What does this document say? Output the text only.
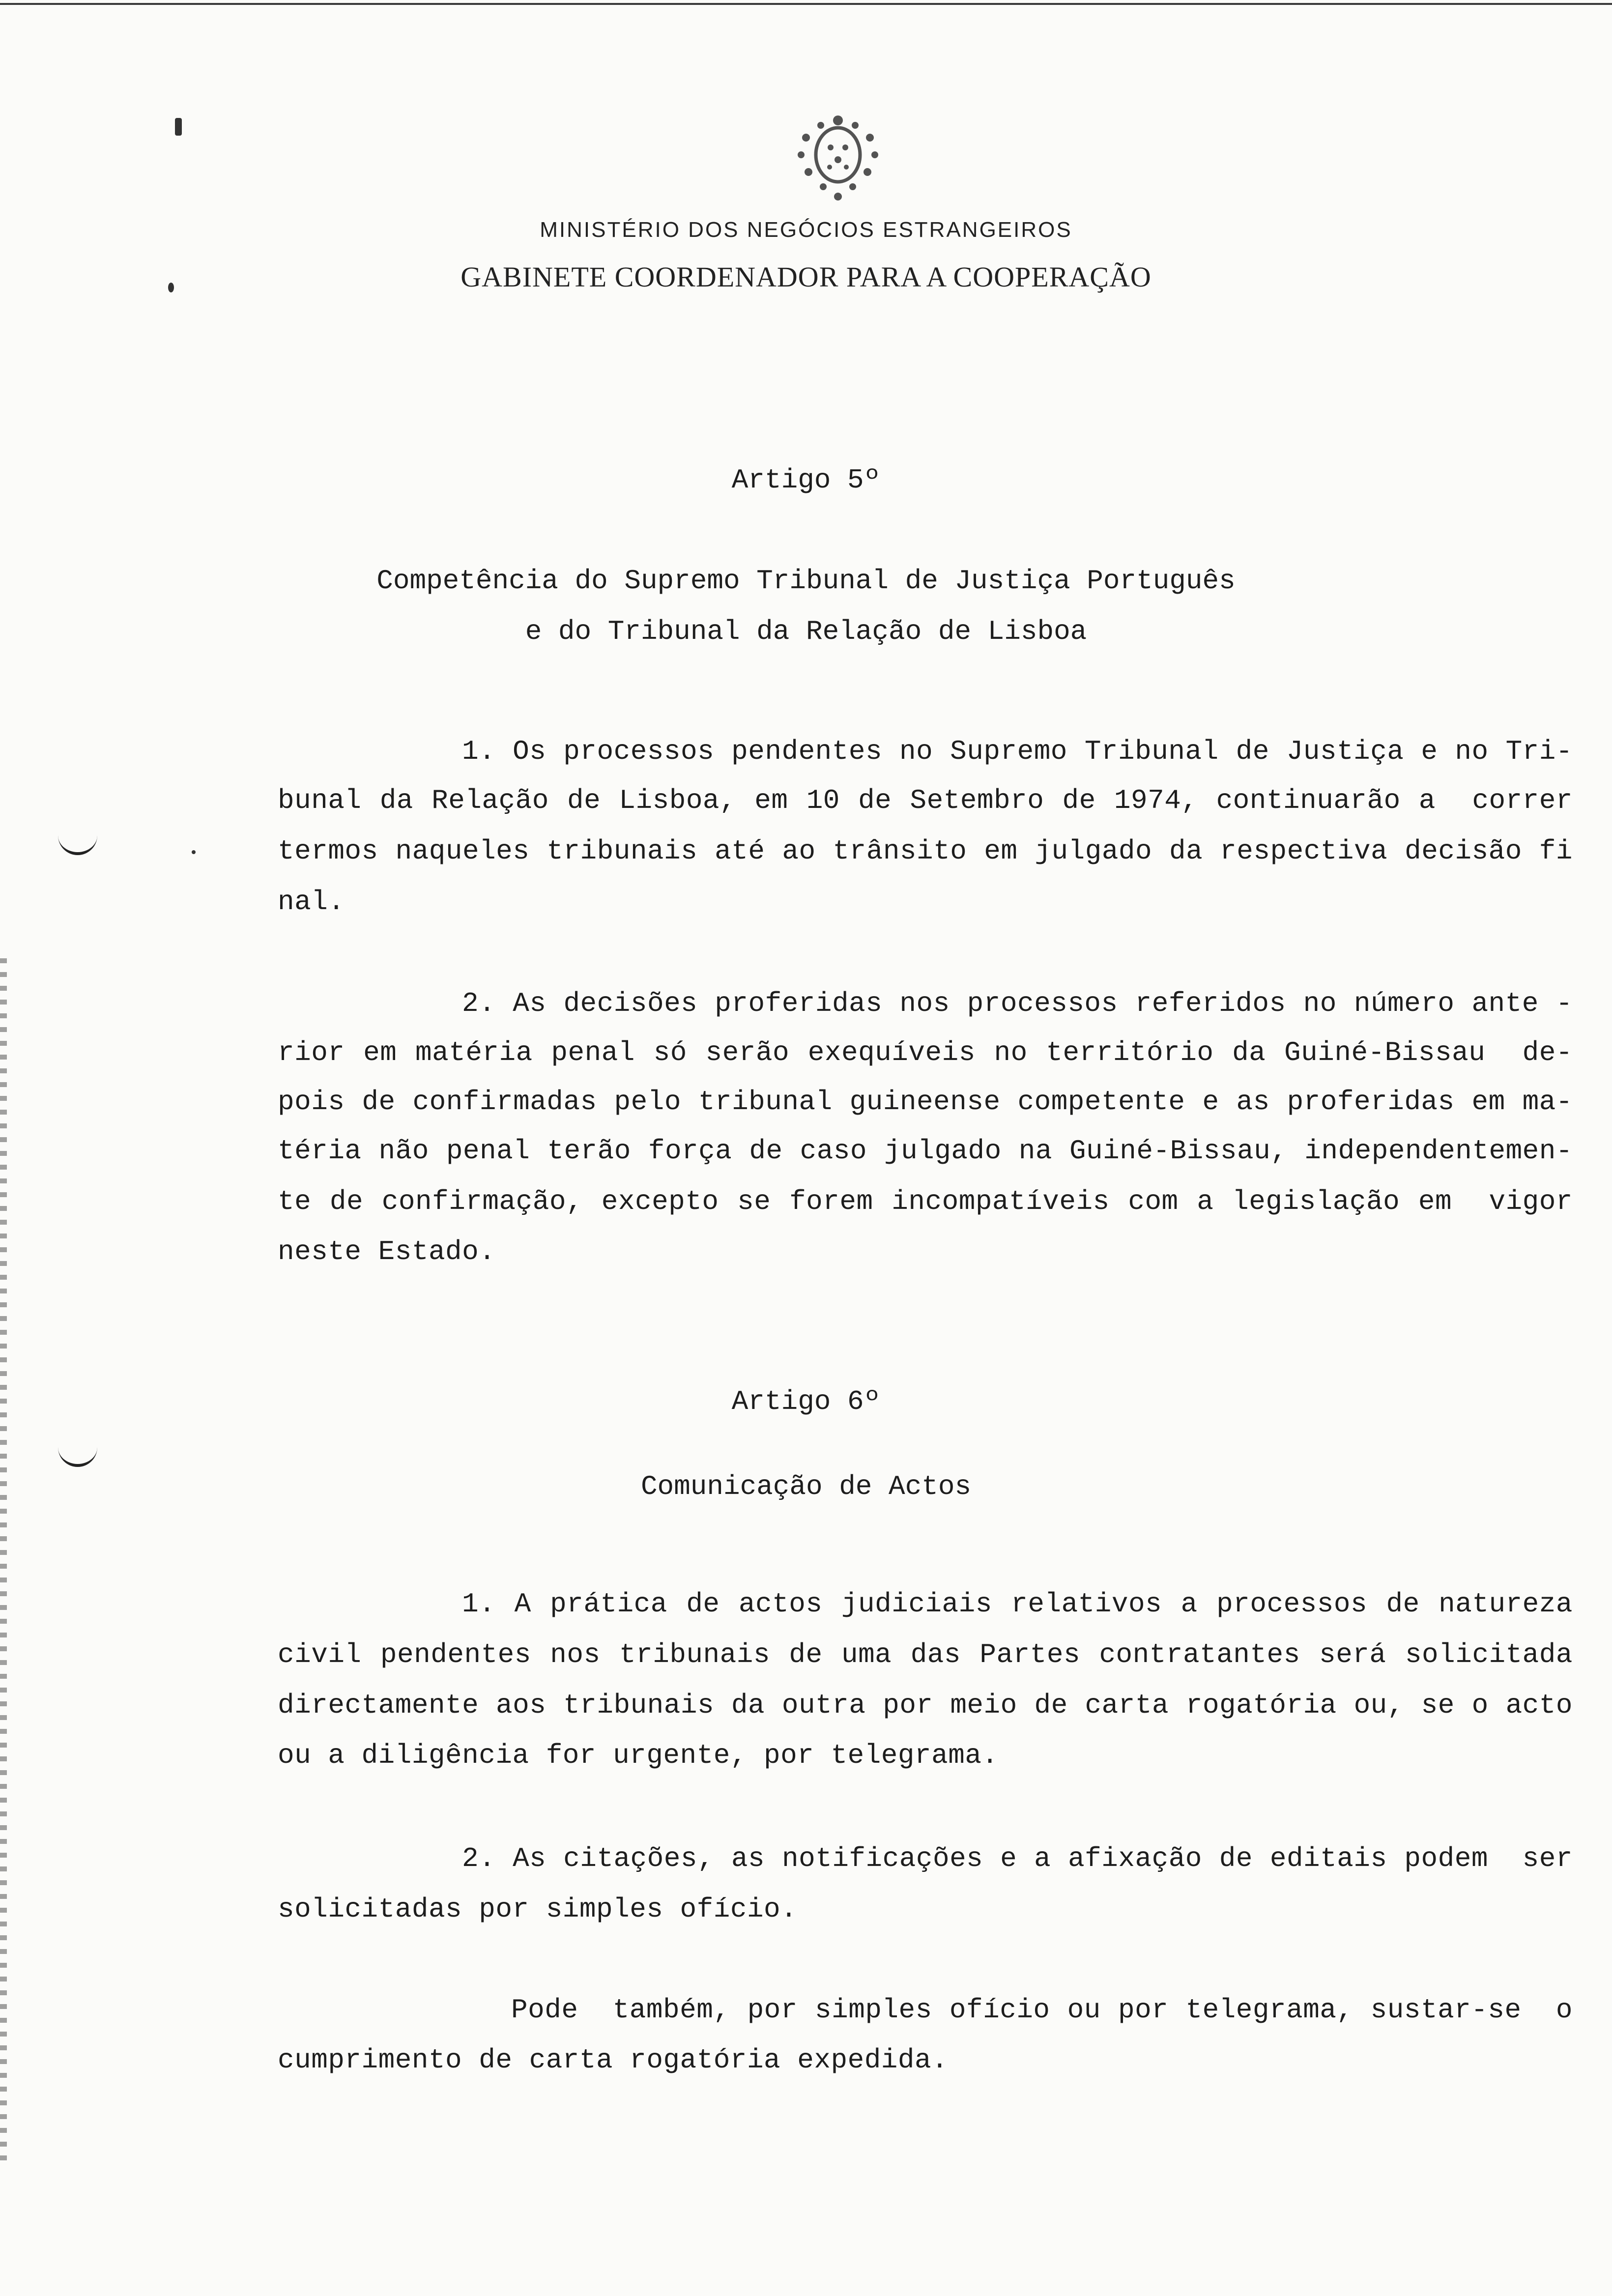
MINISTÉRIO DOS NEGÓCIOS ESTRANGEIROS
GABINETE COORDENADOR PARA A COOPERAÇÃO
Artigo 5º
Competência do Supremo Tribunal de Justiça Português
e do Tribunal da Relação de Lisboa
1. Os processos pendentes no Supremo Tribunal de Justiça e no Tri-
bunal da Relação de Lisboa, em 10 de Setembro de 1974, continuarão a  correr
termos naqueles tribunais até ao trânsito em julgado da respectiva decisão fi
nal.
2. As decisões proferidas nos processos referidos no número ante -
rior em matéria penal só serão exequíveis no território da Guiné-Bissau  de-
pois de confirmadas pelo tribunal guineense competente e as proferidas em ma-
téria não penal terão força de caso julgado na Guiné-Bissau, independentemen-
te de confirmação, excepto se forem incompatíveis com a legislação em  vigor
neste Estado.
Artigo 6º
Comunicação de Actos
1. A prática de actos judiciais relativos a processos de natureza
civil pendentes nos tribunais de uma das Partes contratantes será solicitada
directamente aos tribunais da outra por meio de carta rogatória ou, se o acto
ou a diligência for urgente, por telegrama.
2. As citações, as notificações e a afixação de editais podem  ser
solicitadas por simples ofício.
Pode  também, por simples ofício ou por telegrama, sustar-se  o
cumprimento de carta rogatória expedida.
